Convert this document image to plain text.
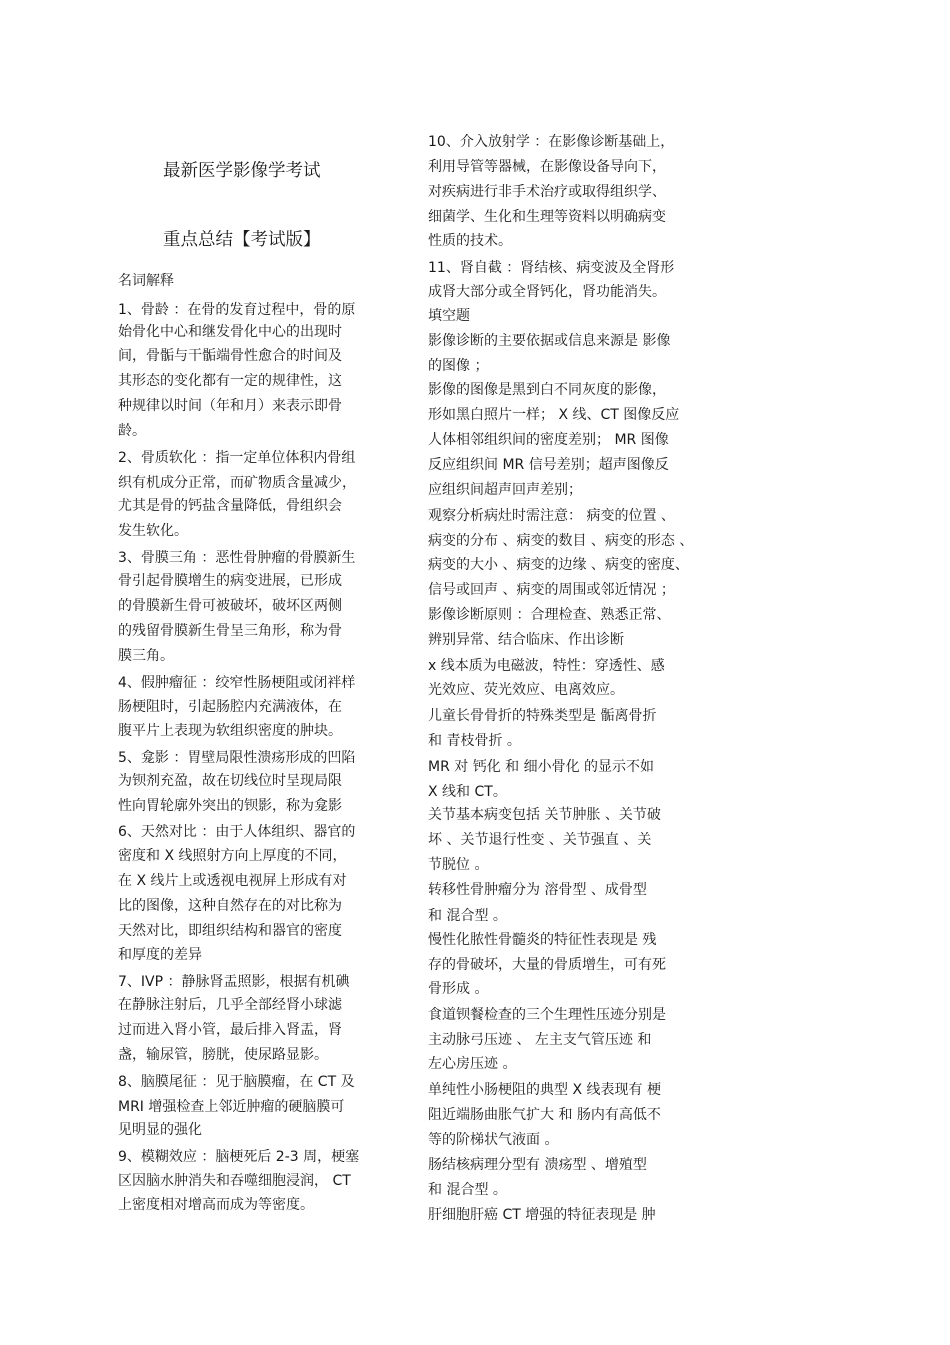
最新医学影像学考试
重点总结【考试版】
名词解释
1、骨龄 ：在骨的发育过程中，骨的原
始骨化中心和继发骨化中心的出现时
间，骨骺与干骺端骨性愈合的时间及
其形态的变化都有一定的规律性，这
种规律以时间（年和月）来表示即骨
龄。
2、骨质软化 ：指一定单位体积内骨组
织有机成分正常，而矿物质含量减少，
尤其是骨的钙盐含量降低，骨组织会
发生软化。
3、骨膜三角 ：恶性骨肿瘤的骨膜新生
骨引起骨膜增生的病变进展，已形成
的骨膜新生骨可被破坏，破坏区两侧
的残留骨膜新生骨呈三角形，称为骨
膜三角。
4、假肿瘤征 ：绞窄性肠梗阻或闭袢样
肠梗阻时，引起肠腔内充满液体，在
腹平片上表现为软组织密度的肿块。
5、龛影 ：胃壁局限性溃疡形成的凹陷
为钡剂充盈，故在切线位时呈现局限
性向胃轮廓外突出的钡影，称为龛影
6、天然对比 ：由于人体组织、器官的
密度和 X 线照射方向上厚度的不同，
在 X 线片上或透视电视屏上形成有对
比的图像，这种自然存在的对比称为
天然对比，即组织结构和器官的密度
和厚度的差异
7、IVP ：静脉肾盂照影，根据有机碘
在静脉注射后，几乎全部经肾小球滤
过而进入肾小管，最后排入肾盂，肾
盏，输尿管，膀胱，使尿路显影。
8、脑膜尾征 ：见于脑膜瘤，在 CT 及
MRI 增强检查上邻近肿瘤的硬脑膜可
见明显的强化
9、模糊效应 ：脑梗死后 2-3 周，梗塞
区因脑水肿消失和吞噬细胞浸润， CT
上密度相对增高而成为等密度。
10、介入放射学 ：在影像诊断基础上，
利用导管等器械，在影像设备导向下，
对疾病进行非手术治疗或取得组织学、
细菌学、生化和生理等资料以明确病变
性质的技术。
11、肾自截 ：肾结核、病变波及全肾形
成肾大部分或全肾钙化，肾功能消失。
填空题
影像诊断的主要依据或信息来源是 影像
的图像 ；
影像的图像是黑到白不同灰度的影像，
形如黑白照片一样； X 线、CT 图像反应
人体相邻组织间的密度差别； MR 图像
反应组织间 MR 信号差别；超声图像反
应组织间超声回声差别；
观察分析病灶时需注意： 病变的位置 、
病变的分布 、病变的数目 、病变的形态 、
病变的大小 、病变的边缘 、病变的密度、
信号或回声 、病变的周围或邻近情况 ；
影像诊断原则 ：合理检查、熟悉正常、
辨别异常、结合临床、作出诊断
x 线本质为电磁波，特性：穿透性、感
光效应、荧光效应、电离效应。
儿童长骨骨折的特殊类型是 骺离骨折
和 青枝骨折 。
MR 对 钙化 和 细小骨化 的显示不如
X 线和 CT。
关节基本病变包括 关节肿胀 、关节破
坏 、关节退行性变 、关节强直 、关
节脱位 。
转移性骨肿瘤分为 溶骨型 、成骨型
和 混合型 。
慢性化脓性骨髓炎的特征性表现是 残
存的骨破坏，大量的骨质增生，可有死
骨形成 。
食道钡餐检查的三个生理性压迹分别是
主动脉弓压迹 、 左主支气管压迹 和
左心房压迹 。
单纯性小肠梗阻的典型 X 线表现有 梗
阻近端肠曲胀气扩大 和 肠内有高低不
等的阶梯状气液面 。
肠结核病理分型有 溃疡型 、增殖型
和 混合型 。
肝细胞肝癌 CT 增强的特征表现是 肿
